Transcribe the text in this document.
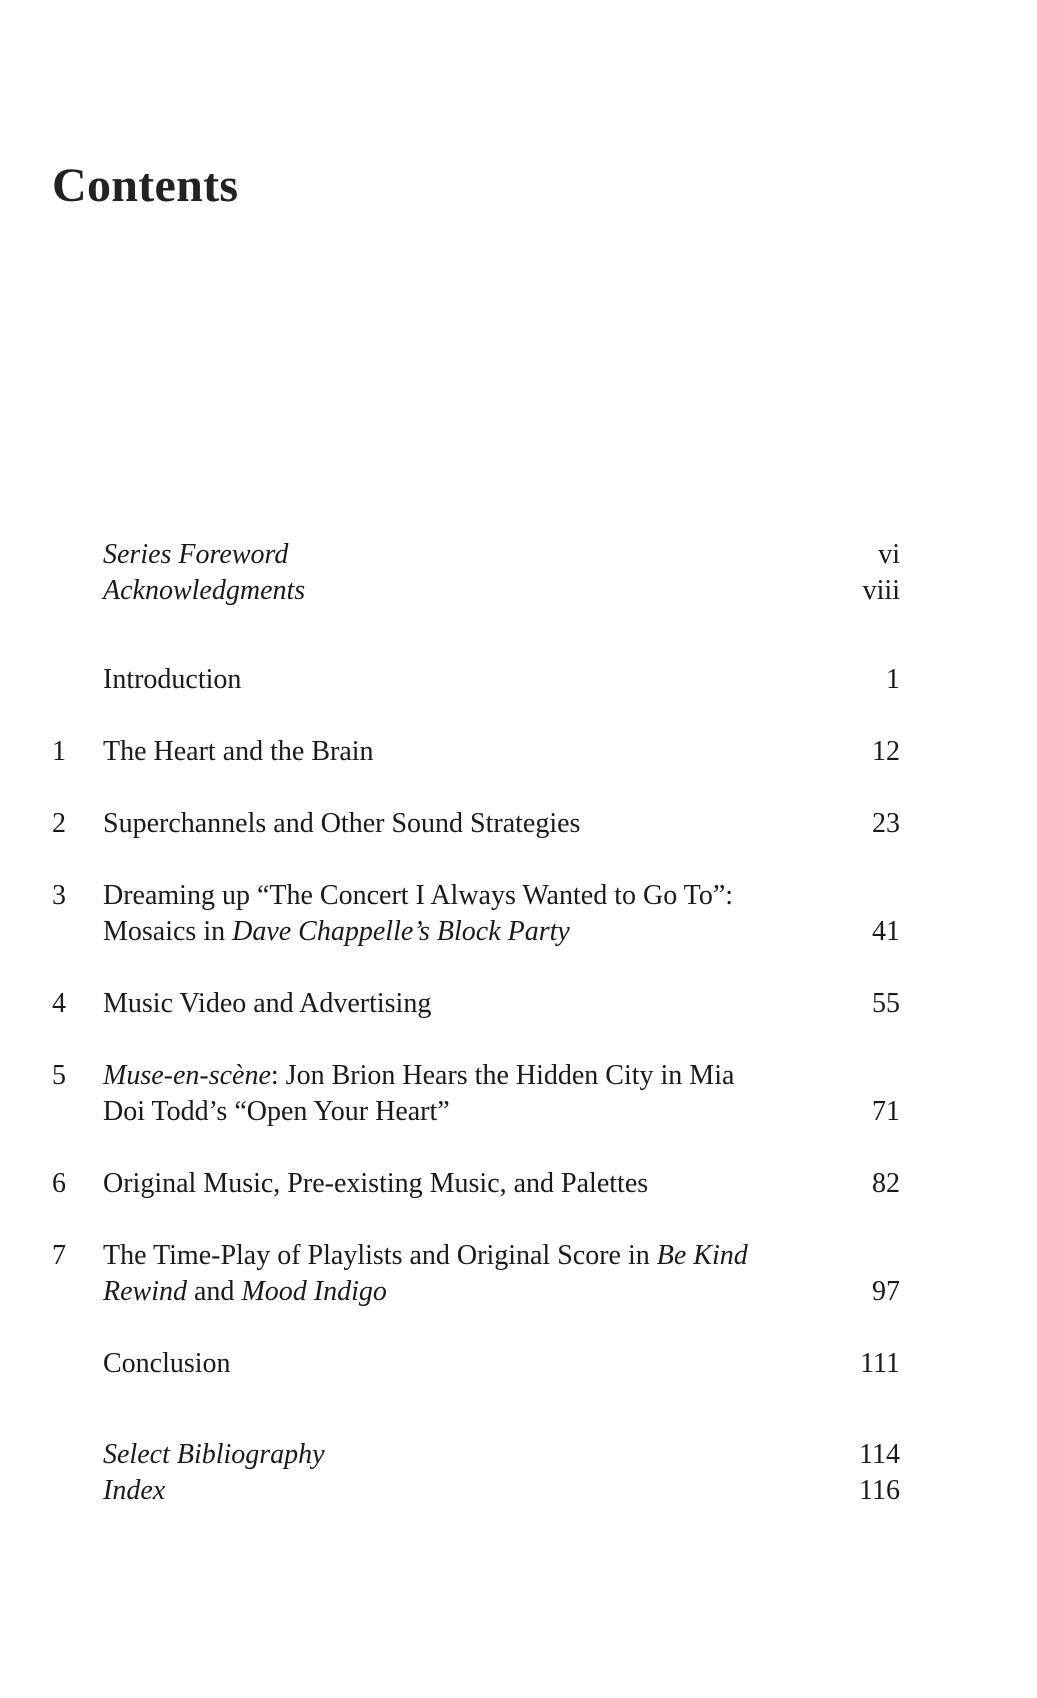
Contents
Series Foreword	vi
Acknowledgments	viii
Introduction	1
1	The Heart and the Brain	12
2	Superchannels and Other Sound Strategies	23
3	Dreaming up “The Concert I Always Wanted to Go To”: Mosaics in Dave Chappelle’s Block Party	41
4	Music Video and Advertising	55
5	Muse-en-scène: Jon Brion Hears the Hidden City in Mia Doi Todd’s “Open Your Heart”	71
6	Original Music, Pre-existing Music, and Palettes	82
7	The Time-Play of Playlists and Original Score in Be Kind Rewind and Mood Indigo	97
Conclusion	111
Select Bibliography	114
Index	116
